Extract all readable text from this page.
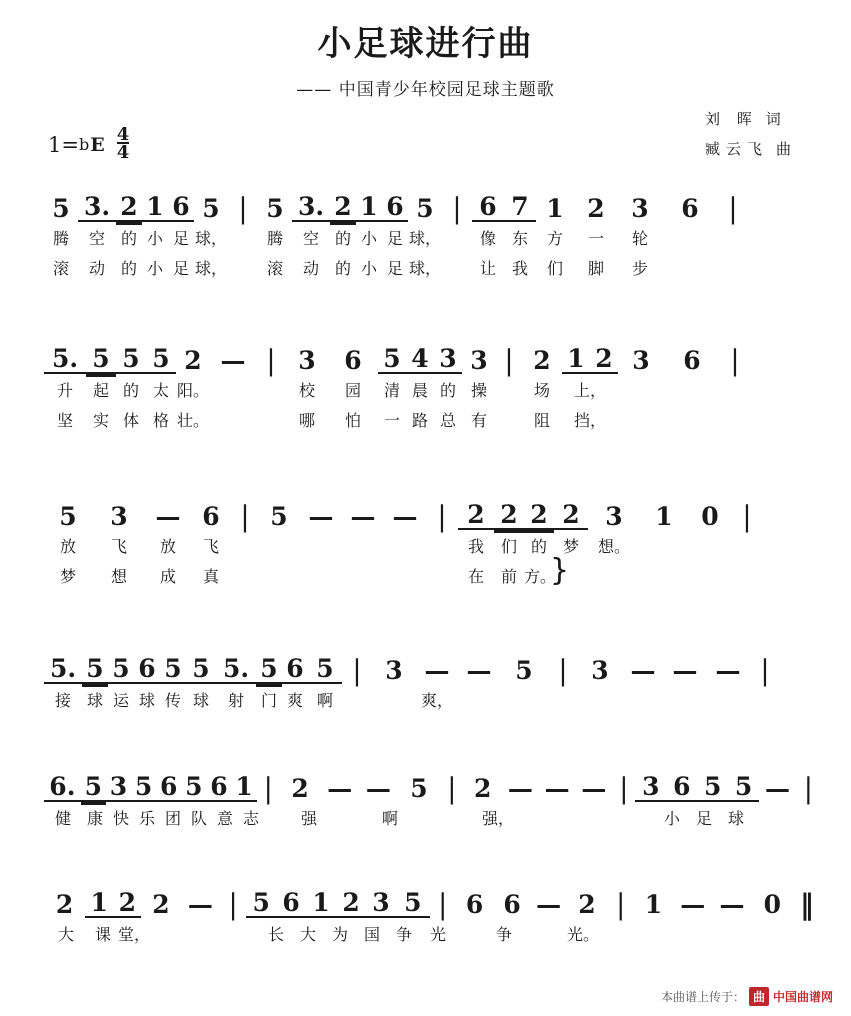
小足球进行曲
—— 中国青少年校园足球主题歌
刘 晖 词
臧云飞 曲
1= b E $\frac{4}{4}$
5 3. 2 1 6 5 | 5 3. 2 1 6 5 | 6 7 1 2	3	6	|
腾	空 的 小 足 球，	腾	空 的 小 足 球，	像 东	方	一	轮
滚	动 的 小 足 球，	滚	动 的 小 足 球，	让 我	们	脚	步
5. 5 5 5 2 — | 3	6 5 4 3 3 | 2 1 2 3	6	|
升	起 的 太 阳。	校	园	清 晨 的 操	场	上，
坚	实 体 格 壮。	哪	怕	一 路 总 有	阻	挡，
5	3	— 6 | 5 — — — | 2 2 2 2	3	1	0 |
放	飞	放	飞	我	们 的 梦	想。
梦	想	成	真	在	前 方。
}
5. 5 5 6 5 5 5. 5 6 5 | 3 — — 5 | 3 — — — |
接 球 运 球 传 球	射	门 爽 啊	爽，
6. 5 3 5 6 5 6 1 | 2 — — 5 | 2 — — — | 3 6 5 5 — |
健 康 快 乐 团 队 意 志	强	啊	强，	小 足 球
2 1 2 2 — | 5 6 1 2 3 5 | 6 6 — 2 | 1 — — 0 ‖
大	课 堂，	长 大 为 国 争	光	争	光。
本曲谱上传于： 曲 中国曲谱网
